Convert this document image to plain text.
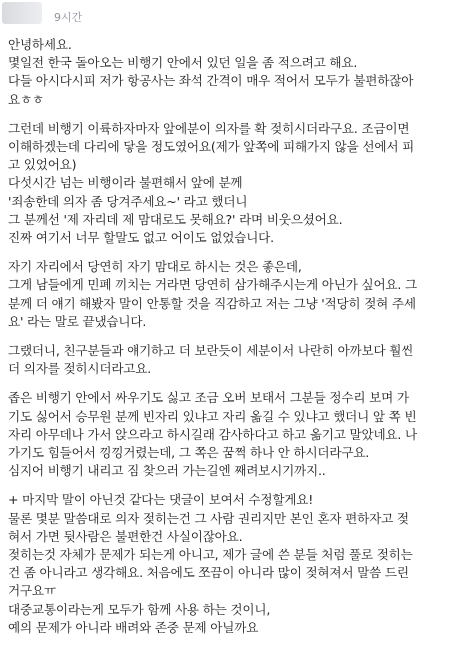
9시간
안녕하세요.
몇일전 한국 돌아오는 비행기 안에서 있던 일을 좀 적으려고 해요.
다들 아시다시피 저가 항공사는 좌석 간격이 매우 적어서 모두가 불편하잖아
요ㅎㅎ
그런데 비행기 이륙하자마자 앞에분이 의자를 확 젖히시더라구요. 조금이면
이해하겠는데 다리에 닿을 정도였어요(제가 앞쪽에 피해가지 않을 선에서 피
고 있었어요)
다섯시간 넘는 비행이라 불편해서 앞에 분께
'죄송한데 의자 좀 당겨주세요~' 라고 했더니
그 분께선 '제 자리데 제 맘대로도 못해요?' 라며 비웃으셨어요.
진짜 여기서 너무 할말도 없고 어이도 없었습니다.
자기 자리에서 당연히 자기 맘대로 하시는 것은 좋은데,
그게 남들에게 민폐 끼치는 거라면 당연히 삼가해주시는게 아닌가 싶어요. 그
분께 더 얘기 해봤자 말이 안통할 것을 직감하고 저는 그냥 '적당히 젖혀 주세
요' 라는 말로 끝냈습니다.
그랬더니, 친구분들과 얘기하고 더 보란듯이 세분이서 나란히 아까보다 훨씬
더 의자를 젖히시더라고요.
좁은 비행기 안에서 싸우기도 싫고 조금 오버 보태서 그분들 정수리 보며 가
기도 싫어서 승무원 분께 빈자리 있냐고 자리 옮길 수 있냐고 했더니 앞 쪽 빈
자리 아무데나 가서 앉으라고 하시길래 감사하다고 하고 옮기고 말았네요. 나
가기도 힘들어서 낑낑거렸는데, 그 쪽은 꿈쩍 하나 안 하시더라구요.
심지어 비행기 내리고 짐 찾으러 가는길엔 째려보시기까지..
+ 마지막 말이 아닌것 같다는 댓글이 보여서 수정할게요!
물론 몇분 말씀대로 의자 젖히는건 그 사람 권리지만 본인 혼자 편하자고 젖
혀서 가면 뒷사람은 불편한건 사실이잖아요.
젖히는것 자체가 문제가 되는게 아니고, 제가 글에 쓴 분들 처럼 풀로 젖히는
건 좀 아니라고 생각해요. 처음에도 쪼끔이 아니라 많이 젖혀져서 말씀 드린
거구요ㅠ
대중교통이라는게 모두가 함께 사용 하는 것이니,
예의 문제가 아니라 배려와 존중 문제 아닐까요
